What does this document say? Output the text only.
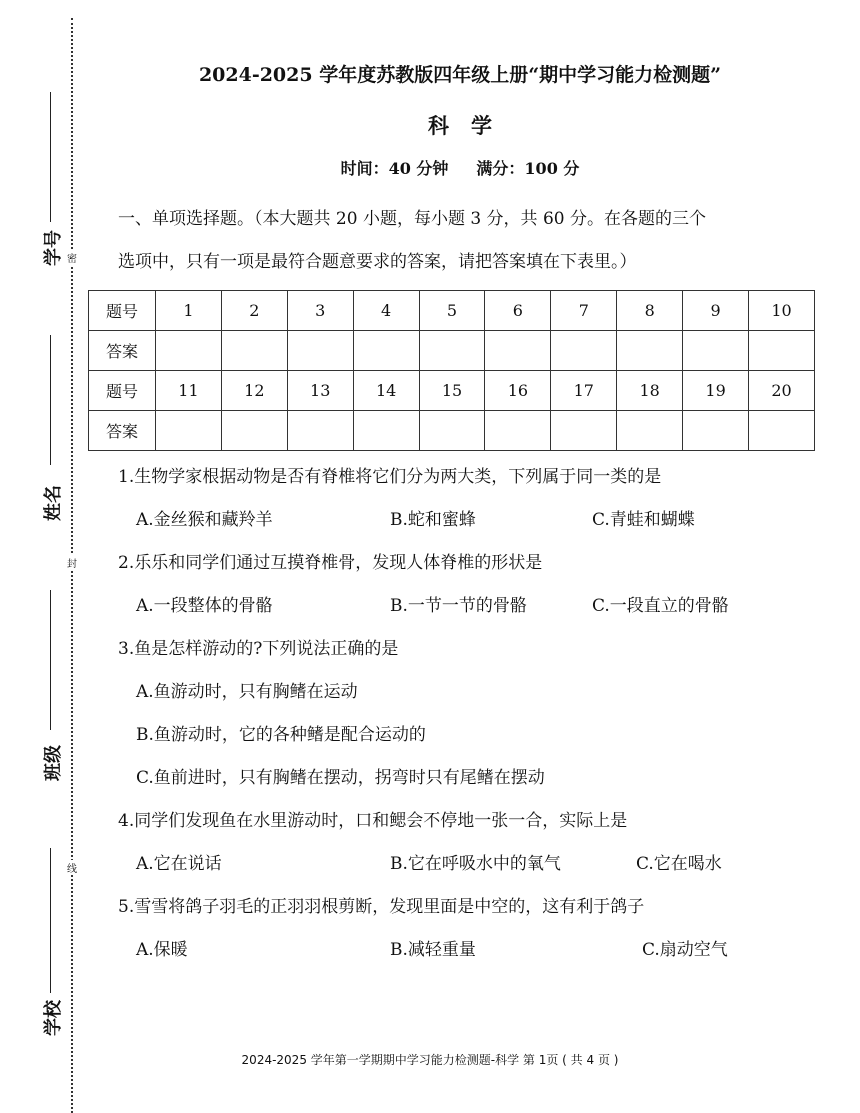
密
封
线
学号
姓名
班级
学校
2024-2025 学年度苏教版四年级上册“期中学习能力检测题”
科学
时间：40 分钟 满分：100 分
一、单项选择题。（本大题共 20 小题，每小题 3 分，共 60 分。在各题的三个
选项中，只有一项是最符合题意要求的答案，请把答案填在下表里。）
题号	1	2	3	4	5	6	7	8	9	10
答案										
题号	11	12	13	14	15	16	17	18	19	20
答案										
1.生物学家根据动物是否有脊椎将它们分为两大类，下列属于同一类的是
A.金丝猴和藏羚羊	B.蛇和蜜蜂	C.青蛙和蝴蝶
2.乐乐和同学们通过互摸脊椎骨，发现人体脊椎的形状是
A.一段整体的骨骼	B.一节一节的骨骼	C.一段直立的骨骼
3.鱼是怎样游动的?下列说法正确的是
A.鱼游动时，只有胸鳍在运动
B.鱼游动时，它的各种鳍是配合运动的
C.鱼前进时，只有胸鳍在摆动，拐弯时只有尾鳍在摆动
4.同学们发现鱼在水里游动时，口和鳃会不停地一张一合，实际上是
A.它在说话	B.它在呼吸水中的氧气	C.它在喝水
5.雪雪将鸽子羽毛的正羽羽根剪断，发现里面是中空的，这有利于鸽子
A.保暖	B.减轻重量	C.扇动空气
2024-2025 学年第一学期期中学习能力检测题-科学 第 1页 ( 共 4 页 )
